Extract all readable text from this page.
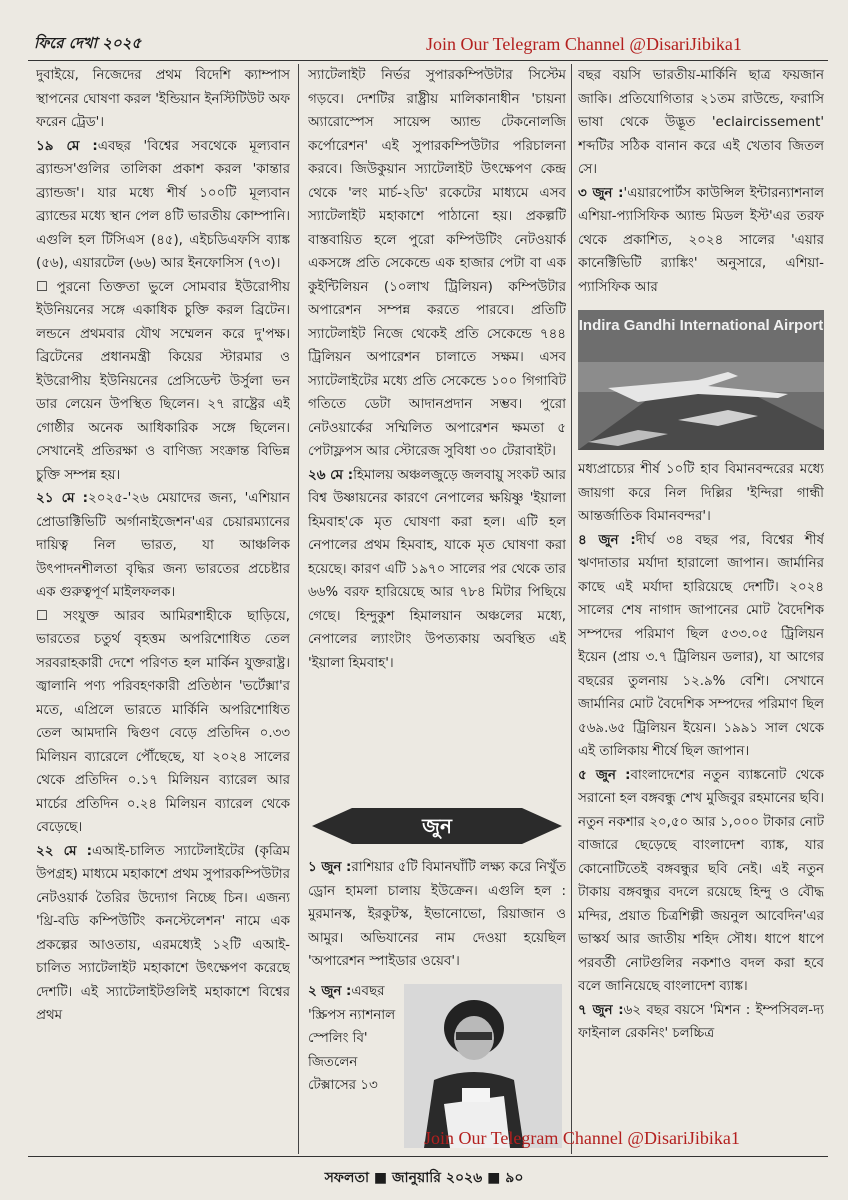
ফিরে দেখা ২০২৫	Join Our Telegram Channel @DisariJibika1

দুবাইয়ে, নিজেদের প্রথম বিদেশি ক্যাম্পাস স্থাপনের ঘোষণা করল 'ইন্ডিয়ান ইনস্টিটিউট অফ ফরেন ট্রেড'।

১৯ মে :এবছর 'বিশ্বের সবথেকে মূল্যবান ব্র্যান্ডস'গুলির তালিকা প্রকাশ করল 'কান্তার ব্র্যান্ডজ'। যার মধ্যে শীর্ষ ১০০টি মূল্যবান ব্র্যান্ডের মধ্যে স্থান পেল ৪টি ভারতীয় কোম্পানি। এগুলি হল টিসিএস (৪৫), এইচডিএফসি ব্যাঙ্ক (৫৬), এয়ারটেল (৬৬) আর ইনফোসিস (৭৩)।

☐ পুরনো তিক্ততা ভুলে সোমবার ইউরোপীয় ইউনিয়নের সঙ্গে একাধিক চুক্তি করল ব্রিটেন। লন্ডনে প্রথমবার যৌথ সম্মেলন করে দু'পক্ষ। ব্রিটেনের প্রধানমন্ত্রী কিয়ের স্টারমার ও ইউরোপীয় ইউনিয়নের প্রেসিডেন্ট উর্সুলা ভন ডার লেয়েন উপস্থিত ছিলেন। ২৭ রাষ্ট্রের এই গোষ্ঠীর অনেক আধিকারিক সঙ্গে ছিলেন। সেখানেই প্রতিরক্ষা ও বাণিজ্য সংক্রান্ত বিভিন্ন চুক্তি সম্পন্ন হয়।

২১ মে :২০২৫-'২৬ মেয়াদের জন্য, 'এশিয়ান প্রোডাক্টিভিটি অর্গানাইজেশন'এর চেয়ারম্যানের দায়িত্ব নিল ভারত, যা আঞ্চলিক উৎপাদনশীলতা বৃদ্ধির জন্য ভারতের প্রচেষ্টার এক গুরুত্বপূর্ণ মাইলফলক।

☐ সংযুক্ত আরব আমিরশাহীকে ছাড়িয়ে, ভারতের চতুর্থ বৃহত্তম অপরিশোধিত তেল সরবরাহকারী দেশে পরিণত হল মার্কিন যুক্তরাষ্ট্র। জ্বালানি পণ্য পরিবহণকারী প্রতিষ্ঠান 'ভর্টেক্সা'র মতে, এপ্রিলে ভারতে মার্কিনি অপরিশোধিত তেল আমদানি দ্বিগুণ বেড়ে প্রতিদিন ০.৩৩ মিলিয়ন ব্যারেলে পৌঁছেছে, যা ২০২৪ সালের থেকে প্রতিদিন ০.১৭ মিলিয়ন ব্যারেল আর মার্চের প্রতিদিন ০.২৪ মিলিয়ন ব্যারেল থেকে বেড়েছে।

২২ মে :এআই-চালিত স্যাটেলাইটের (কৃত্রিম উপগ্রহ) মাধ্যমে মহাকাশে প্রথম সুপারকম্পিউটার নেটওয়ার্ক তৈরির উদ্যোগ নিচ্ছে চিন। এজন্য 'থ্রি-বডি কম্পিউটিং কনস্টেলেশন' নামে এক প্রকল্পের আওতায়, এরমধ্যেই ১২টি এআই-চালিত স্যাটেলাইট মহাকাশে উৎক্ষেপণ করেছে দেশটি। এই স্যাটেলাইটগুলিই মহাকাশে বিশ্বের প্রথম

স্যাটেলাইট নির্ভর সুপারকম্পিউটার সিস্টেম গড়বে। দেশটির রাষ্ট্রীয় মালিকানাধীন 'চায়না অ্যারোস্পেস সায়েন্স অ্যান্ড টেকনোলজি কর্পোরেশন' এই সুপারকম্পিউটার পরিচালনা করবে। জিউকুয়ান স্যাটেলাইট উৎক্ষেপণ কেন্দ্র থেকে 'লং মার্চ-২ডি' রকেটের মাধ্যমে এসব স্যাটেলাইট মহাকাশে পাঠানো হয়। প্রকল্পটি বাস্তবায়িত হলে পুরো কম্পিউটিং নেটওয়ার্ক একসঙ্গে প্রতি সেকেন্ডে এক হাজার পেটা বা এক কুইন্টিলিয়ন (১০লাখ ট্রিলিয়ন) কম্পিউটার অপারেশন সম্পন্ন করতে পারবে। প্রতিটি স্যাটেলাইট নিজে থেকেই প্রতি সেকেন্ডে ৭৪৪ ট্রিলিয়ন অপারেশন চালাতে সক্ষম। এসব স্যাটেলাইটের মধ্যে প্রতি সেকেন্ডে ১০০ গিগাবিট গতিতে ডেটা আদানপ্রদান সম্ভব। পুরো নেটওয়ার্কের সম্মিলিত অপারেশন ক্ষমতা ৫ পেটাফ্লপস আর স্টোরেজ সুবিধা ৩০ টেরাবাইট।

২৬ মে :হিমালয় অঞ্চলজুড়ে জলবায়ু সংকট আর বিশ্ব উষ্ণায়নের কারণে নেপালের ক্ষয়িষ্ণু 'ইয়ালা হিমবাহ'কে মৃত ঘোষণা করা হল। এটি হল নেপালের প্রথম হিমবাহ, যাকে মৃত ঘোষণা করা হয়েছে। কারণ এটি ১৯৭০ সালের পর থেকে তার ৬৬% বরফ হারিয়েছে আর ৭৮৪ মিটার পিছিয়ে গেছে। হিন্দুকুশ হিমালয়ান অঞ্চলের মধ্যে, নেপালের ল্যাংটাং উপত্যকায় অবস্থিত এই 'ইয়ালা হিমবাহ'।

জুন

১ জুন :রাশিয়ার ৫টি বিমানঘাঁটি লক্ষ্য করে নিখুঁত ড্রোন হামলা চালায় ইউক্রেন। এগুলি হল : মুরমানস্ক, ইরকুটস্ক, ইভানোভো, রিয়াজান ও আমুর। অভিযানের নাম দেওয়া হয়েছিল 'অপারেশন স্পাইডার ওয়েব'।

২ জুন :এবছর 'স্ক্রিপস ন্যাশনাল স্পেলিং বি' জিতলেন টেক্সাসের ১৩

বছর বয়সি ভারতীয়-মার্কিনি ছাত্র ফয়জান জাকি। প্রতিযোগিতার ২১তম রাউন্ডে, ফরাসি ভাষা থেকে উদ্ভূত 'eclaircissement' শব্দটির সঠিক বানান করে এই খেতাব জিতল সে।

৩ জুন :'এয়ারপোর্টস কাউন্সিল ইন্টারন্যাশনাল এশিয়া-প্যাসিফিক অ্যান্ড মিডল ইস্ট'এর তরফ থেকে প্রকাশিত, ২০২৪ সালের 'এয়ার কানেক্টিভিটি র‍্যাঙ্কিং' অনুসারে, এশিয়া-প্যাসিফিক আর

Indira Gandhi International Airport

মধ্যপ্রাচ্যের শীর্ষ ১০টি হাব বিমানবন্দরের মধ্যে জায়গা করে নিল দিল্লির 'ইন্দিরা গান্ধী আন্তর্জাতিক বিমানবন্দর'।

৪ জুন :দীর্ঘ ৩৪ বছর পর, বিশ্বের শীর্ষ ঋণদাতার মর্যাদা হারালো জাপান। জার্মানির কাছে এই মর্যাদা হারিয়েছে দেশটি। ২০২৪ সালের শেষ নাগাদ জাপানের মোট বৈদেশিক সম্পদের পরিমাণ ছিল ৫৩৩.০৫ ট্রিলিয়ন ইয়েন (প্রায় ৩.৭ ট্রিলিয়ন ডলার), যা আগের বছরের তুলনায় ১২.৯% বেশি। সেখানে জার্মানির মোট বৈদেশিক সম্পদের পরিমাণ ছিল ৫৬৯.৬৫ ট্রিলিয়ন ইয়েন। ১৯৯১ সাল থেকে এই তালিকায় শীর্ষে ছিল জাপান।

৫ জুন :বাংলাদেশের নতুন ব্যাঙ্কনোট থেকে সরানো হল বঙ্গবন্ধু শেখ মুজিবুর রহমানের ছবি। নতুন নকশার ২০,৫০ আর ১,০০০ টাকার নোট বাজারে ছেড়েছে বাংলাদেশ ব্যাঙ্ক, যার কোনোটিতেই বঙ্গবন্ধুর ছবি নেই। এই নতুন টাকায় বঙ্গবন্ধুর বদলে রয়েছে হিন্দু ও বৌদ্ধ মন্দির, প্রয়াত চিত্রশিল্পী জয়নুল আবেদিন'এর ভাস্কর্য আর জাতীয় শহিদ সৌধ। ধাপে ধাপে পরবর্তী নোটগুলির নকশাও বদল করা হবে বলে জানিয়েছে বাংলাদেশ ব্যাঙ্ক।

৭ জুন :৬২ বছর বয়সে 'মিশন : ইম্পসিবল-দ্য ফাইনাল রেকনিং' চলচ্চিত্র

Join Our Telegram Channel @DisariJibika1
সফলতা ■ জানুয়ারি ২০২৬ ■ ৯০
